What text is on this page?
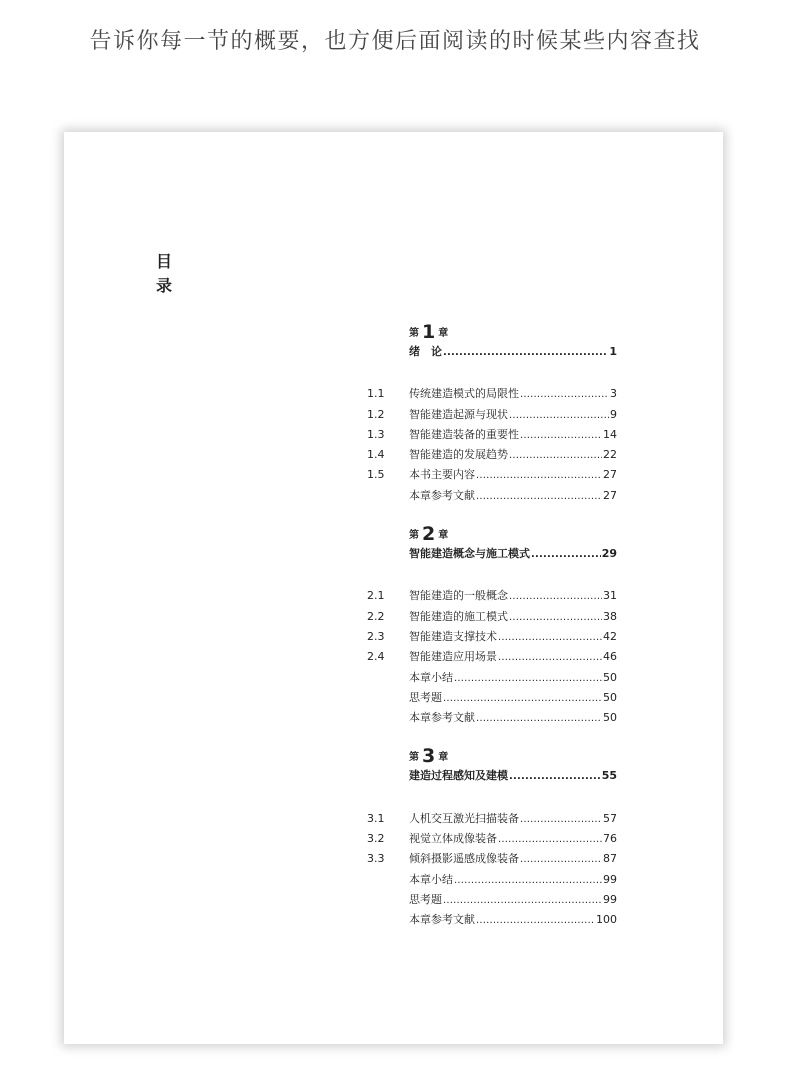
告诉你每一节的概要，也方便后面阅读的时候某些内容查找
目
录
第 1 章
绪　论 .....	1
1.1	传统建造模式的局限性 .....	3
1.2	智能建造起源与现状 .....	9
1.3	智能建造装备的重要性 .....	14
1.4	智能建造的发展趋势 .....	22
1.5	本书主要内容 .....	27
本章参考文献 .....	27
第 2 章
智能建造概念与施工模式 .....	29
2.1	智能建造的一般概念 .....	31
2.2	智能建造的施工模式 .....	38
2.3	智能建造支撑技术 .....	42
2.4	智能建造应用场景 .....	46
本章小结 .....	50
思考题 .....	50
本章参考文献 .....	50
第 3 章
建造过程感知及建模 .....	55
3.1	人机交互激光扫描装备 .....	57
3.2	视觉立体成像装备 .....	76
3.3	倾斜摄影遥感成像装备 .....	87
本章小结 .....	99
思考题 .....	99
本章参考文献 .....	100
